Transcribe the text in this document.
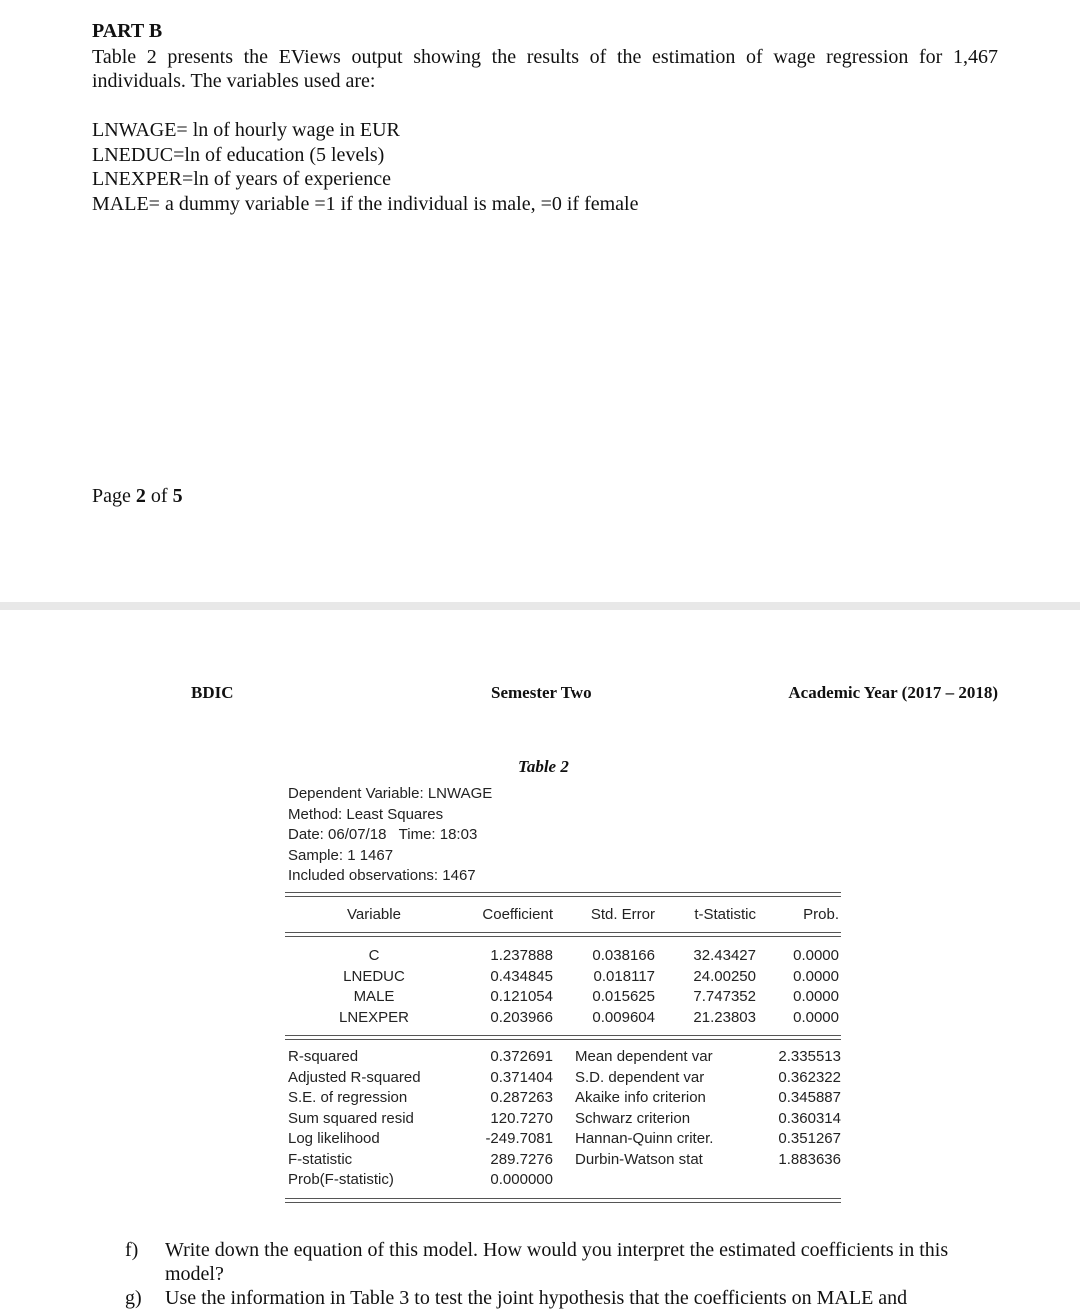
PART B
Table 2 presents the EViews output showing the results of the estimation of wage regression for 1,467 individuals. The variables used are:
LNWAGE= ln of hourly wage in EUR
LNEDUC=ln of education (5 levels)
LNEXPER=ln of years of experience
MALE= a dummy variable =1 if the individual is male, =0 if female
Page 2 of 5
BDIC	Semester Two	Academic Year (2017 – 2018)
Table 2
Dependent Variable: LNWAGE
Method: Least Squares
Date: 06/07/18   Time: 18:03
Sample: 1 1467
Included observations: 1467
Variable	Coefficient	Std. Error	t-Statistic	Prob.
C	1.237888	0.038166	32.43427 0.0000
LNEDUC	0.434845	0.018117	24.00250 0.0000
MALE	0.121054	0.015625	7.747352 0.0000
LNEXPER	0.203966	0.009604	21.23803 0.0000
R-squared	0.372691 Mean dependent var	2.335513
Adjusted R-squared	0.371404 S.D. dependent var	0.362322
S.E. of regression	0.287263 Akaike info criterion	0.345887
Sum squared resid	120.7270 Schwarz criterion	0.360314
Log likelihood	-249.7081 Hannan-Quinn criter.	0.351267
F-statistic	289.7276 Durbin-Watson stat	1.883636
Prob(F-statistic)	0.000000
f) Write down the equation of this model. How would you interpret the estimated coefficients in this model?
g) Use the information in Table 3 to test the joint hypothesis that the coefficients on MALE and
